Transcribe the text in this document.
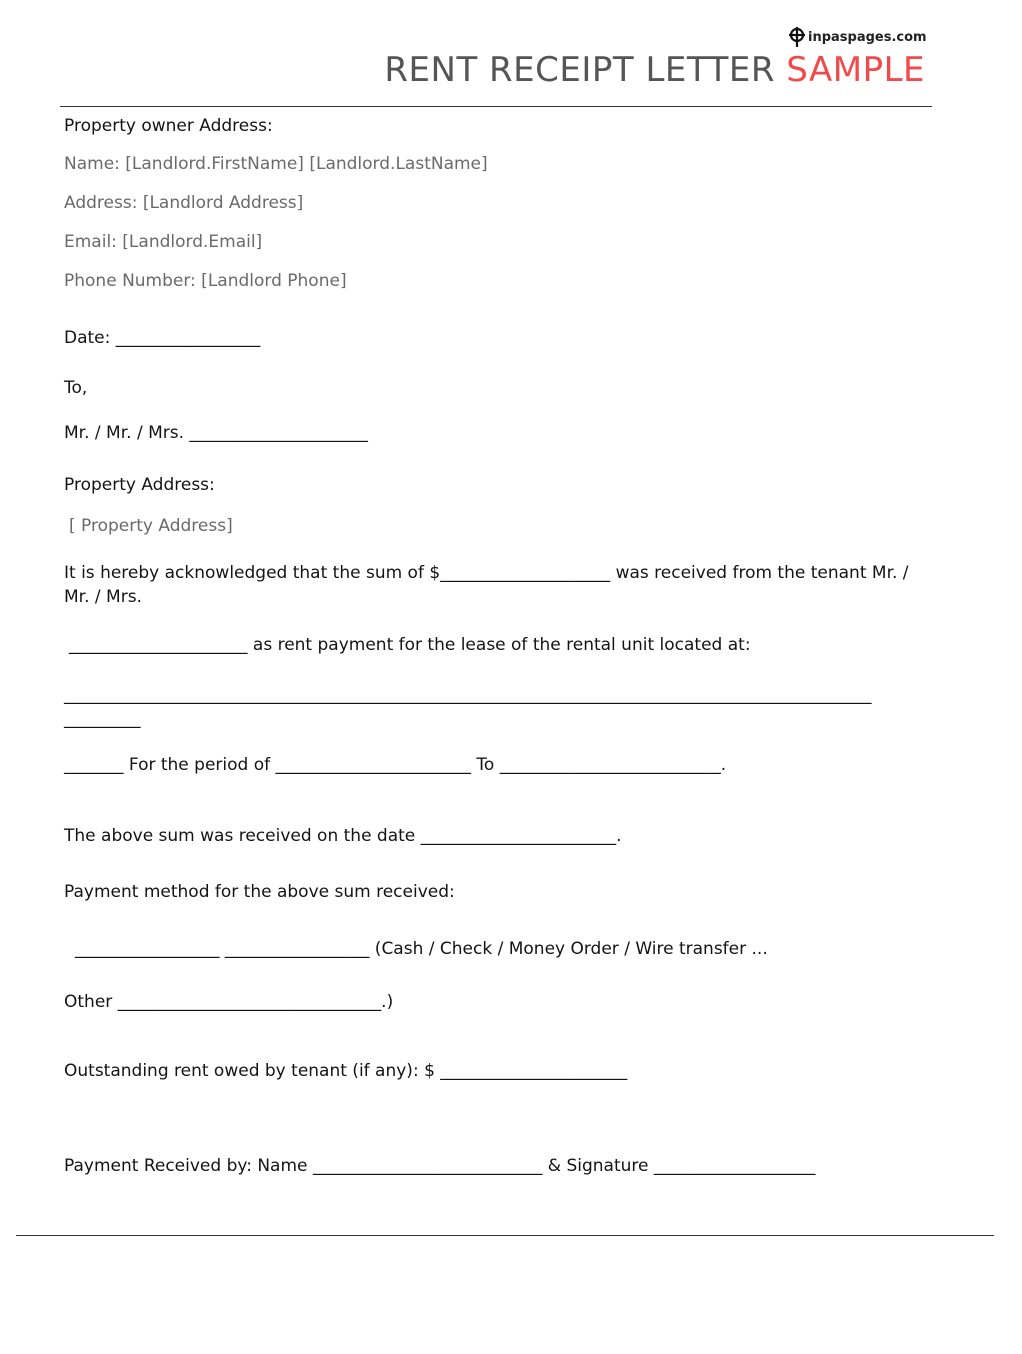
inpaspages.com
RENT RECEIPT LETTER SAMPLE
Property owner Address:
Name: [Landlord.FirstName] [Landlord.LastName]
Address: [Landlord Address]
Email: [Landlord.Email]
Phone Number: [Landlord Phone]
Date: _________________
To,
Mr. / Mr. / Mrs. _____________________
Property Address:
[ Property Address]
It is hereby acknowledged that the sum of $____________________ was received from the tenant Mr. /
Mr. / Mrs.
_____________________ as rent payment for the lease of the rental unit located at:
_______________________________________________________________________________________________
_________
_______ For the period of _______________________ To __________________________.
The above sum was received on the date _______________________.
Payment method for the above sum received:
_________________ _________________ (Cash / Check / Money Order / Wire transfer ...
Other _______________________________.)
Outstanding rent owed by tenant (if any): $ ______________________
Payment Received by: Name ___________________________ & Signature ___________________
